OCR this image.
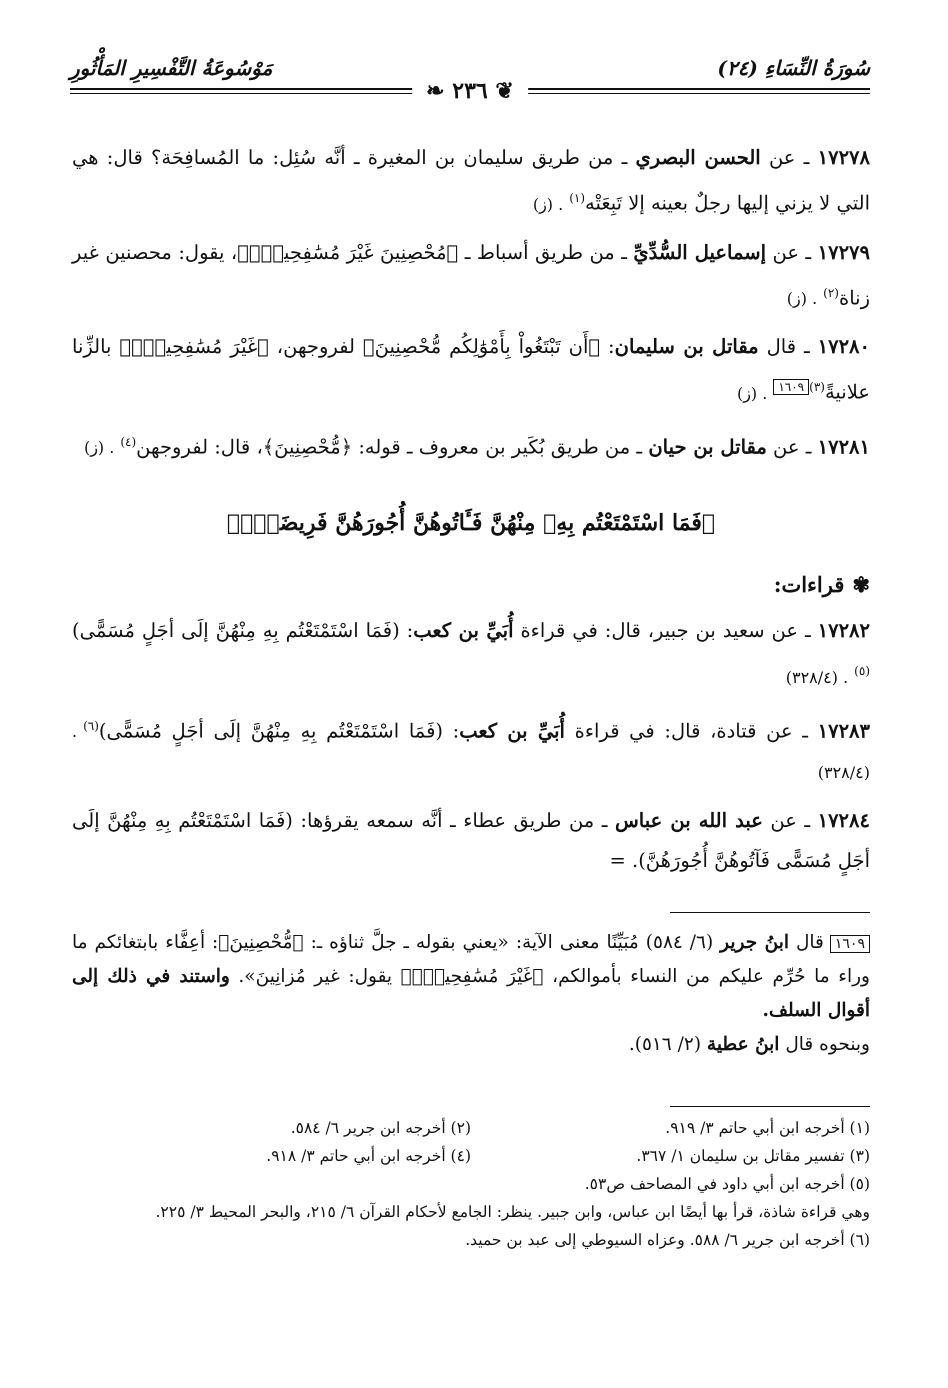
سُورَةُ النِّسَاءِ (٢٤)
مَوْسُوعَةُ التَّفْسِيرِ المَأْثُورِ
❦ ٢٣٦ ❧
١٧٢٧٨ ـ عن الحسن البصري ـ من طريق سليمان بن المغيرة ـ أنَّه سُئِل: ما المُسافِحَة؟ قال: هي التي لا يزني إليها رجلٌ بعينه إلا تَبِعَتْه$^{(١)}$. (ز)
١٧٢٧٩ ـ عن إسماعيل السُّدِّيِّ ـ من طريق أسباط ـ ﴿مُحْصِنِينَ غَيْرَ مُسَٰفِحِينَۚ﴾، يقول: محصنين غير زناة$^{(٢)}$. (ز)
١٧٢٨٠ ـ قال مقاتل بن سليمان: ﴿أَن تَبْتَغُواْ بِأَمْوَٰلِكُم مُّحْصِنِينَ﴾ لفروجهن، ﴿غَيْرَ مُسَٰفِحِينَۚ﴾ بالزِّنا علانيةً$^{(٣)}$١٦٠٩. (ز)
١٧٢٨١ ـ عن مقاتل بن حيان ـ من طريق بُكَير بن معروف ـ قوله: ﴿مُّحْصِنِينَ﴾، قال: لفروجهن$^{(٤)}$. (ز)
﴿فَمَا اسْتَمْتَعْتُم بِهِۦ مِنْهُنَّ فَـَٔاتُوهُنَّ أُجُورَهُنَّ فَرِيضَةًۚ﴾
✾قراءات:
١٧٢٨٢ ـ عن سعيد بن جبير، قال: في قراءة أُبَيِّ بن كعب: (فَمَا اسْتَمْتَعْتُم بِهِ مِنْهُنَّ إلَى أجَلٍ مُسَمًّى)$^{(٥)}$. (٣٢٨/٤)
١٧٢٨٣ ـ عن قتادة، قال: في قراءة أُبَيِّ بن كعب: (فَمَا اسْتَمْتَعْتُم بِهِ مِنْهُنَّ إلَى أجَلٍ مُسَمًّى)$^{(٦)}$. (٣٢٨/٤)
١٧٢٨٤ ـ عن عبد الله بن عباس ـ من طريق عطاء ـ أنَّه سمعه يقرؤها: (فَمَا اسْتَمْتَعْتُم بِهِ مِنْهُنَّ إلَى أجَلٍ مُسَمًّى فَآتُوهُنَّ أُجُورَهُنَّ). =
١٦٠٩قال ابنُ جرير (٦/ ٥٨٤) مُبَيِّنًا معنى الآية: «يعني بقوله ـ جلَّ ثناؤه ـ: ﴿مُّحْصِنِينَ﴾: أعِفَّاء بابتغائكم ما وراء ما حُرِّم عليكم من النساء بأموالكم، ﴿غَيْرَ مُسَٰفِحِينَۚ﴾ يقول: غير مُزانِينَ». واستند في ذلك إلى أقوال السلف.
وبنحوه قال ابنُ عطية (٢/ ٥١٦).
(١) أخرجه ابن أبي حاتم ٣/ ٩١٩.
(٢) أخرجه ابن جرير ٦/ ٥٨٤.
(٣) تفسير مقاتل بن سليمان ١/ ٣٦٧.
(٤) أخرجه ابن أبي حاتم ٣/ ٩١٨.
(٥) أخرجه ابن أبي داود في المصاحف ص٥٣.
وهي قراءة شاذة، قرأ بها أيضًا ابن عباس، وابن جبير. ينظر: الجامع لأحكام القرآن ٦/ ٢١٥، والبحر المحيط ٣/ ٢٢٥.
(٦) أخرجه ابن جرير ٦/ ٥٨٨. وعزاه السيوطي إلى عبد بن حميد.
